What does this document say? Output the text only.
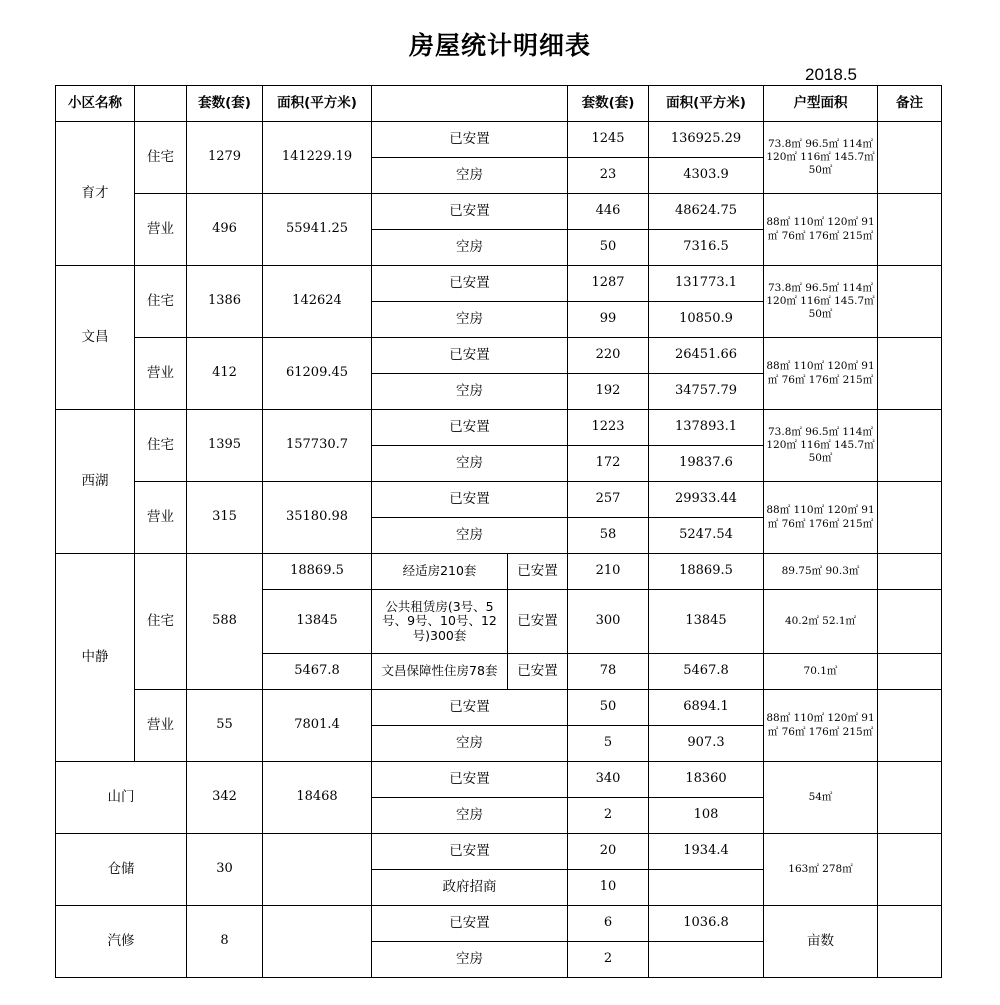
房屋统计明细表
2018.5
小区名称		套数(套)	面积(平方米)			套数(套)	面积(平方米)	户型面积	备注
育才	住宅	1279	141229.19	已安置		1245	136925.29	73.8㎡ 96.5㎡ 114㎡ 120㎡ 116㎡ 145.7㎡ 50㎡	
				空房		23	4303.9		
	营业	496	55941.25	已安置		446	48624.75	88㎡ 110㎡ 120㎡ 91㎡ 76㎡ 176㎡ 215㎡	
				空房		50	7316.5		
文昌	住宅	1386	142624	已安置		1287	131773.1	73.8㎡ 96.5㎡ 114㎡ 120㎡ 116㎡ 145.7㎡ 50㎡	
				空房		99	10850.9		
	营业	412	61209.45	已安置		220	26451.66	88㎡ 110㎡ 120㎡ 91㎡ 76㎡ 176㎡ 215㎡	
				空房		192	34757.79		
西湖	住宅	1395	157730.7	已安置		1223	137893.1	73.8㎡ 96.5㎡ 114㎡ 120㎡ 116㎡ 145.7㎡ 50㎡	
				空房		172	19837.6		
	营业	315	35180.98	已安置		257	29933.44	88㎡ 110㎡ 120㎡ 91㎡ 76㎡ 176㎡ 215㎡	
				空房		58	5247.54		
中静	住宅	588	18869.5	经适房210套	已安置	210	18869.5	89.75㎡ 90.3㎡	
			13845	公共租赁房(3号、5号、9号、10号、12号)300套	已安置	300	13845	40.2㎡ 52.1㎡	
			5467.8	文昌保障性住房78套	已安置	78	5467.8	70.1㎡	
	营业	55	7801.4	已安置		50	6894.1	88㎡ 110㎡ 120㎡ 91㎡ 76㎡ 176㎡ 215㎡	
				空房		5	907.3		
山门		342	18468	已安置		340	18360	54㎡	
				空房		2	108		
仓储		30		已安置		20	1934.4	163㎡ 278㎡	
				政府招商		10			
汽修		8		已安置		6	1036.8	亩数	
				空房		2			
